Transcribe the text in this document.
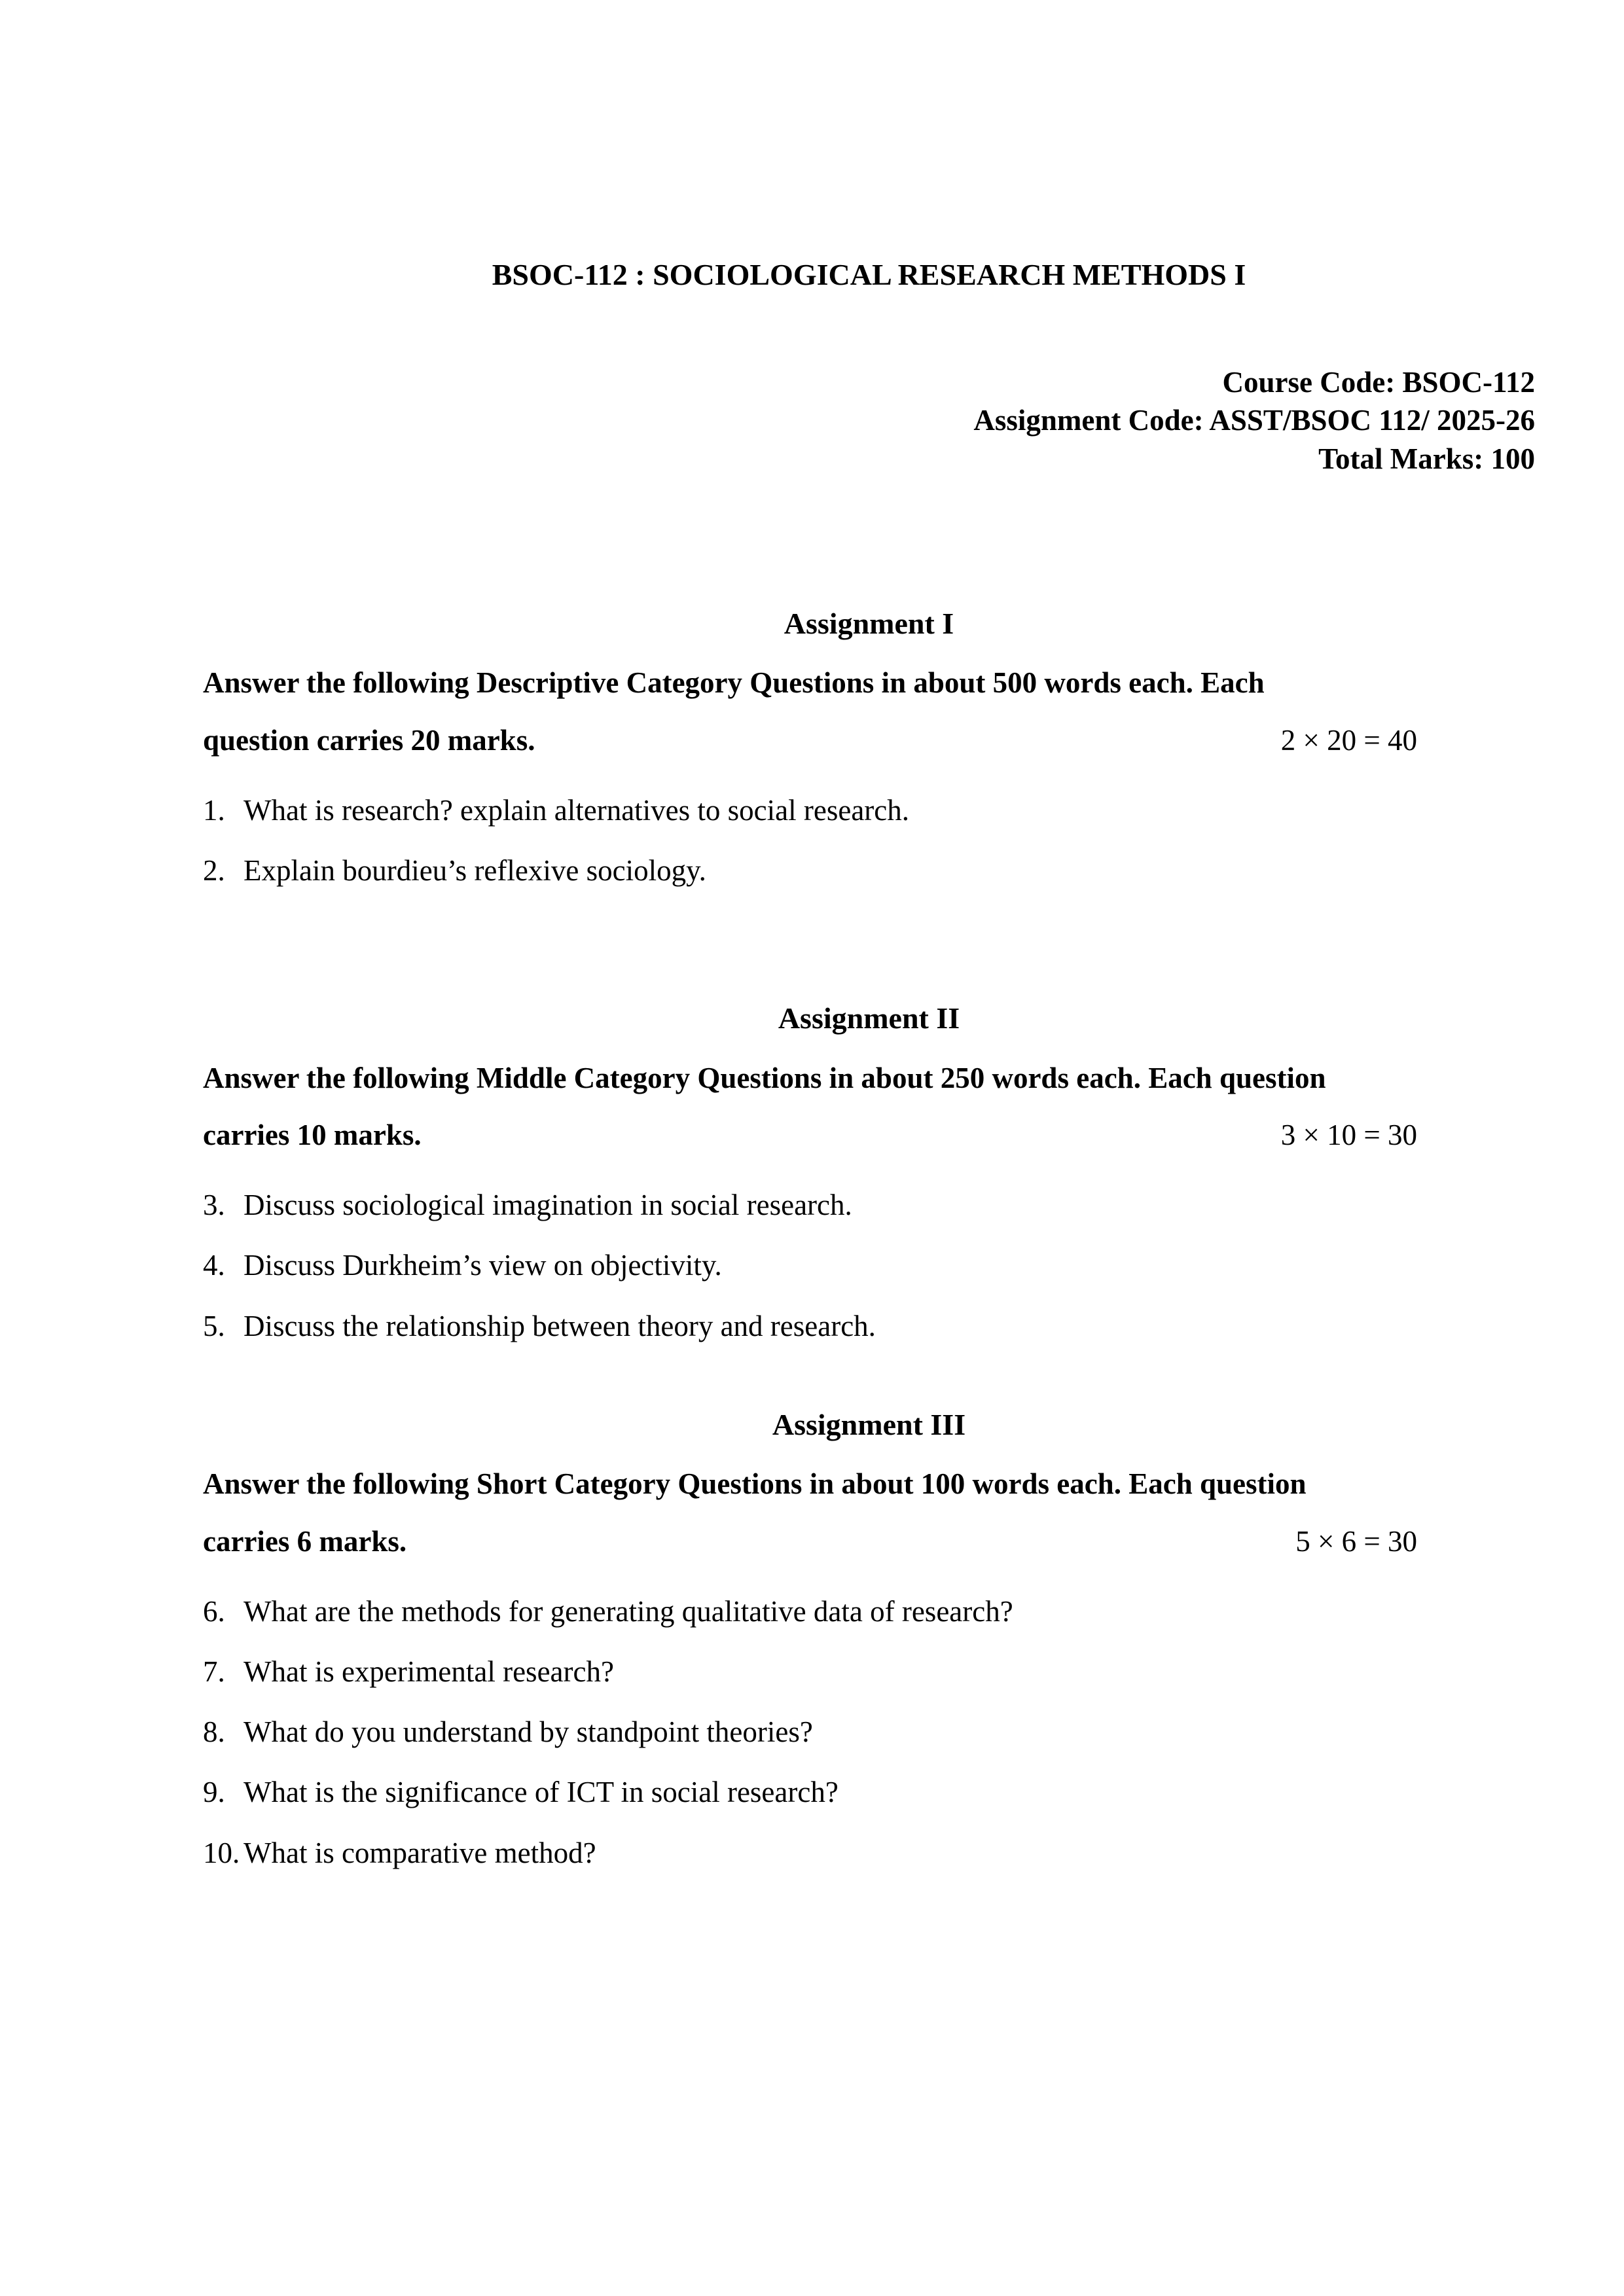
BSOC-112 : SOCIOLOGICAL RESEARCH METHODS I
Course Code: BSOC-112
Assignment Code: ASST/BSOC 112/ 2025-26
Total Marks: 100
Assignment I
Answer the following Descriptive Category Questions in about 500 words each. Each
question carries 20 marks.	2 × 20 = 40
1. What is research? explain alternatives to social research.
2. Explain bourdieu’s reflexive sociology.
Assignment II
Answer the following Middle Category Questions in about 250 words each. Each question
carries 10 marks.	3 × 10 = 30
3. Discuss sociological imagination in social research.
4. Discuss Durkheim’s view on objectivity.
5. Discuss the relationship between theory and research.
Assignment III
Answer the following Short Category Questions in about 100 words each. Each question
carries 6 marks.	5 × 6 = 30
6. What are the methods for generating qualitative data of research?
7. What is experimental research?
8. What do you understand by standpoint theories?
9. What is the significance of ICT in social research?
10. What is comparative method?
